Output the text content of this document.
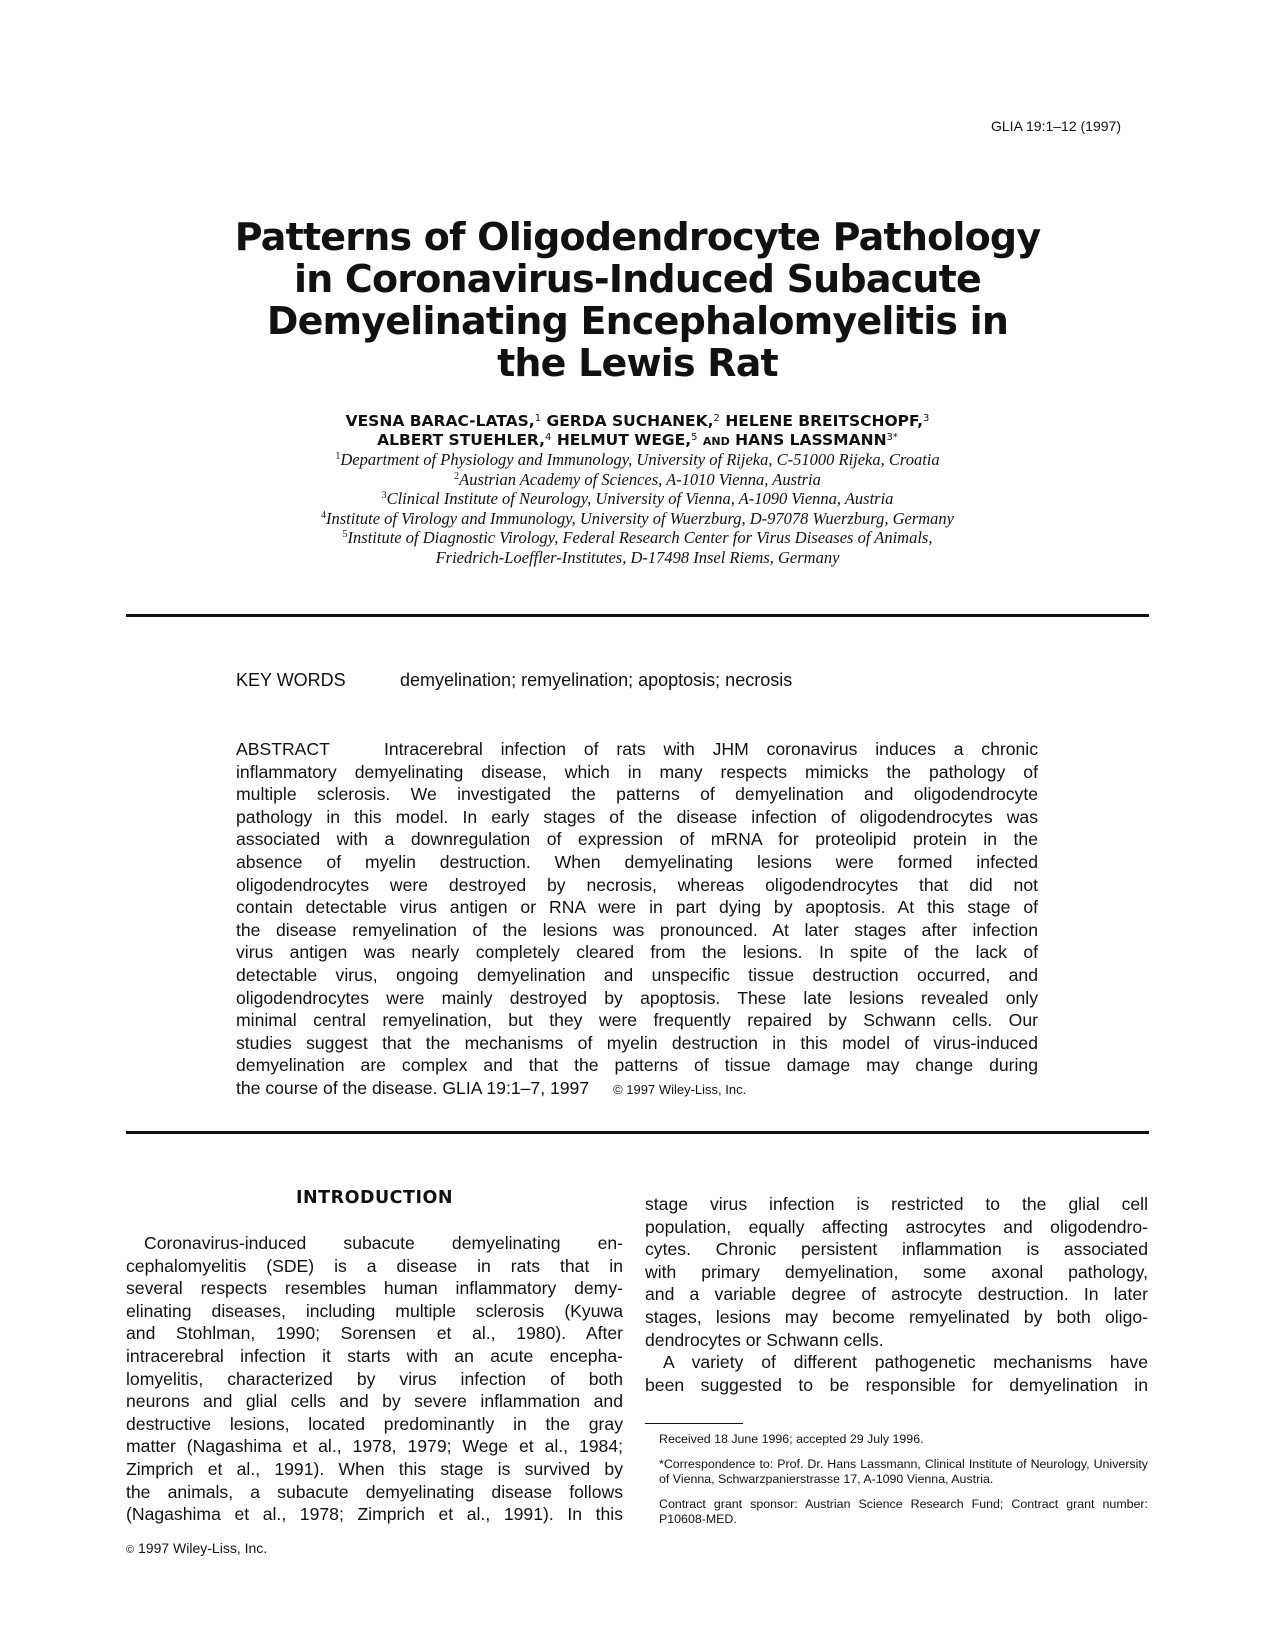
GLIA 19:1–12 (1997)
Patterns of Oligodendrocyte Pathology
in Coronavirus-Induced Subacute
Demyelinating Encephalomyelitis in
the Lewis Rat
VESNA BARAC-LATAS,$^1$ GERDA SUCHANEK,$^2$ HELENE BREITSCHOPF,$^3$
ALBERT STUEHLER,$^4$ HELMUT WEGE,$^5$ AND HANS $LASSMANN^{3*}$
$^1$Department of Physiology and Immunology, University of Rijeka, C-51000 Rijeka, Croatia
$^2$Austrian Academy of Sciences, A-1010 Vienna, Austria
$^3$Clinical Institute of Neurology, University of Vienna, A-1090 Vienna, Austria
$^4$Institute of Virology and Immunology, University of Wuerzburg, D-97078 Wuerzburg, Germany
$^5$Institute of Diagnostic Virology, Federal Research Center for Virus Diseases of Animals,
Friedrich-Loeffler-Institutes, D-17498 Insel Riems, Germany
KEY WORDS	demyelination; remyelination; apoptosis; necrosis
ABSTRACT	Intracerebral infection of rats with JHM coronavirus induces a chronic
inflammatory demyelinating disease, which in many respects mimicks the pathology of
multiple sclerosis. We investigated the patterns of demyelination and oligodendrocyte
pathology in this model. In early stages of the disease infection of oligodendrocytes was
associated with a downregulation of expression of mRNA for proteolipid protein in the
absence of myelin destruction. When demyelinating lesions were formed infected
oligodendrocytes were destroyed by necrosis, whereas oligodendrocytes that did not
contain detectable virus antigen or RNA were in part dying by apoptosis. At this stage of
the disease remyelination of the lesions was pronounced. At later stages after infection
virus antigen was nearly completely cleared from the lesions. In spite of the lack of
detectable virus, ongoing demyelination and unspecific tissue destruction occurred, and
oligodendrocytes were mainly destroyed by apoptosis. These late lesions revealed only
minimal central remyelination, but they were frequently repaired by Schwann cells. Our
studies suggest that the mechanisms of myelin destruction in this model of virus-induced
demyelination are complex and that the patterns of tissue damage may change during
the course of the disease. GLIA 19:1–7, 1997 © 1997 Wiley-Liss, Inc.
INTRODUCTION
Coronavirus-induced subacute demyelinating en-
cephalomyelitis (SDE) is a disease in rats that in
several respects resembles human inflammatory demy-
elinating diseases, including multiple sclerosis (Kyuwa
and Stohlman, 1990; Sorensen et al., 1980). After
intracerebral infection it starts with an acute encepha-
lomyelitis, characterized by virus infection of both
neurons and glial cells and by severe inflammation and
destructive lesions, located predominantly in the gray
matter (Nagashima et al., 1978, 1979; Wege et al., 1984;
Zimprich et al., 1991). When this stage is survived by
the animals, a subacute demyelinating disease follows
(Nagashima et al., 1978; Zimprich et al., 1991). In this
stage virus infection is restricted to the glial cell
population, equally affecting astrocytes and oligodendro-
cytes. Chronic persistent inflammation is associated
with primary demyelination, some axonal pathology,
and a variable degree of astrocyte destruction. In later
stages, lesions may become remyelinated by both oligo-
dendrocytes or Schwann cells.
A variety of different pathogenetic mechanisms have
been suggested to be responsible for demyelination in

Received 18 June 1996; accepted 29 July 1996.

*Correspondence to: Prof. Dr. Hans Lassmann, Clinical Institute of Neurology, University of Vienna, Schwarzpanierstrasse 17, A-1090 Vienna, Austria.

Contract grant sponsor: Austrian Science Research Fund; Contract grant number: P10608-MED.

© 1997 Wiley-Liss, Inc.
